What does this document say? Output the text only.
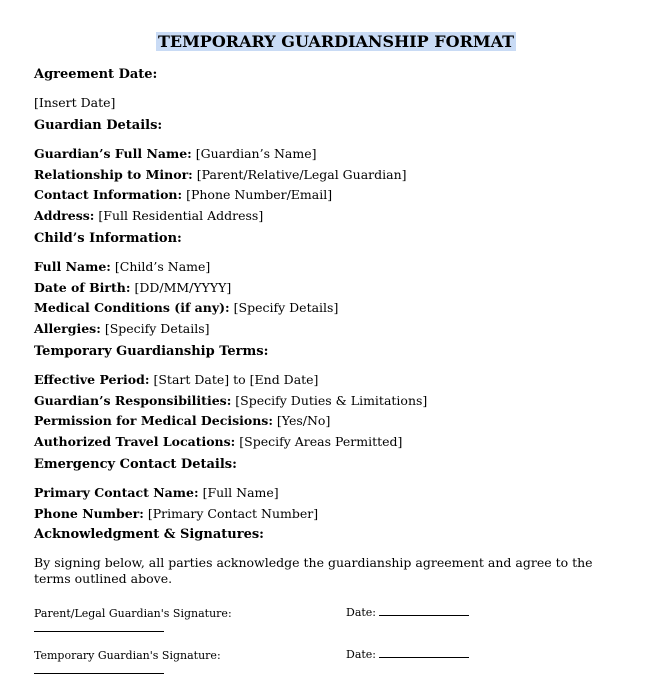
TEMPORARY GUARDIANSHIP FORMAT
Agreement Date:
[Insert Date]
Guardian Details:
Guardian’s Full Name: [Guardian’s Name]
Relationship to Minor: [Parent/Relative/Legal Guardian]
Contact Information: [Phone Number/Email]
Address: [Full Residential Address]
Child’s Information:
Full Name: [Child’s Name]
Date of Birth: [DD/MM/YYYY]
Medical Conditions (if any): [Specify Details]
Allergies: [Specify Details]
Temporary Guardianship Terms:
Effective Period: [Start Date] to [End Date]
Guardian’s Responsibilities: [Specify Duties & Limitations]
Permission for Medical Decisions: [Yes/No]
Authorized Travel Locations: [Specify Areas Permitted]
Emergency Contact Details:
Primary Contact Name: [Full Name]
Phone Number: [Primary Contact Number]
Acknowledgment & Signatures:
By signing below, all parties acknowledge the guardianship agreement and agree to the terms outlined above.
Parent/Legal Guardian's Signature:	Date:
Temporary Guardian's Signature:	Date:
